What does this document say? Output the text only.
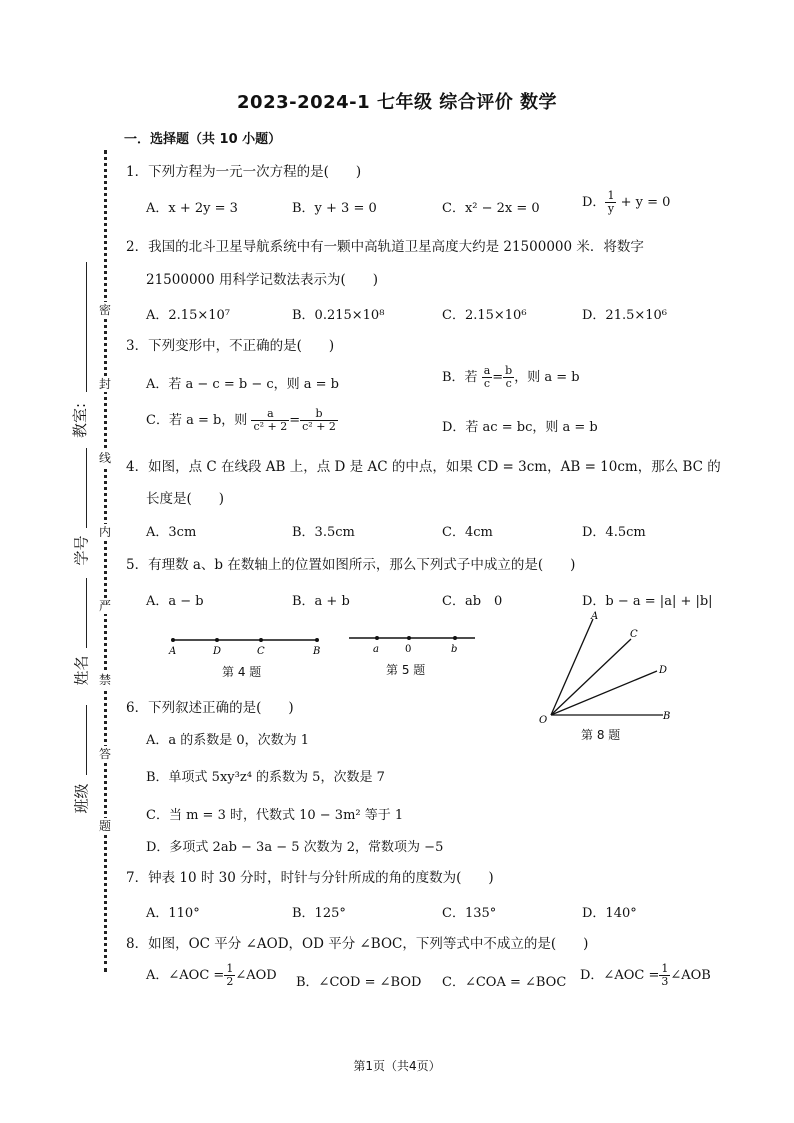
2023-2024-1 七年级 综合评价 数学
一．选择题（共 10 小题）
密
封
线
内
严
禁
答
题
教室:
学号
姓名
班级
1．下列方程为一元一次方程的是(　　)
A．x + 2y = 3	B．y + 3 = 0	C．x² − 2x = 0	D． $\frac{1}{y} + y = 0$
2．我国的北斗卫星导航系统中有一颗中高轨道卫星高度大约是 21500000 米．将数字
21500000 用科学记数法表示为(　　)
A．2.15×10⁷	B．0.215×10⁸	C．2.15×10⁶	D．21.5×10⁶
3．下列变形中，不正确的是(　　)
A．若 a − c = b − c，则 a = b	B．若 $\frac{a}{c} = \frac{b}{c}$ ，则 a = b
C．若 a = b，则 $\frac{a}{\text{c² + 2}} = \frac{b}{\text{c² + 2}}$	D．若 ac = bc，则 a = b
4．如图，点 C 在线段 AB 上，点 D 是 AC 的中点，如果 CD = 3cm，AB = 10cm，那么 BC 的
长度是(　　)
A．3cm	B．3.5cm	C．4cm	D．4.5cm
5．有理数 a、b 在数轴上的位置如图所示，那么下列式子中成立的是(　　)
A．a − b	B．a + b	C．ab　0	D．b − a = |a| + |b|
A	D	C	B
第 4 题
a	0	b
第 5 题
A
C
D
O	B
第 8 题
6．下列叙述正确的是(　　)
A．a 的系数是 0，次数为 1
B．单项式 5xy³z⁴ 的系数为 5，次数是 7
C．当 m = 3 时，代数式 10 − 3m² 等于 1
D．多项式 2ab − 3a − 5 次数为 2，常数项为 −5
7．钟表 10 时 30 分时，时针与分针所成的角的度数为(　　)
A．110°	B．125°	C．135°	D．140°
8．如图，OC 平分 ∠AOD，OD 平分 ∠BOC，下列等式中不成立的是(　　)
A．∠AOC = $\frac{1}{2}$ ∠AOD B．∠COD = ∠BOD C．∠COA = ∠BOC D．∠AOC = $\frac{1}{3}$ ∠AOB
第1页（共4页）
